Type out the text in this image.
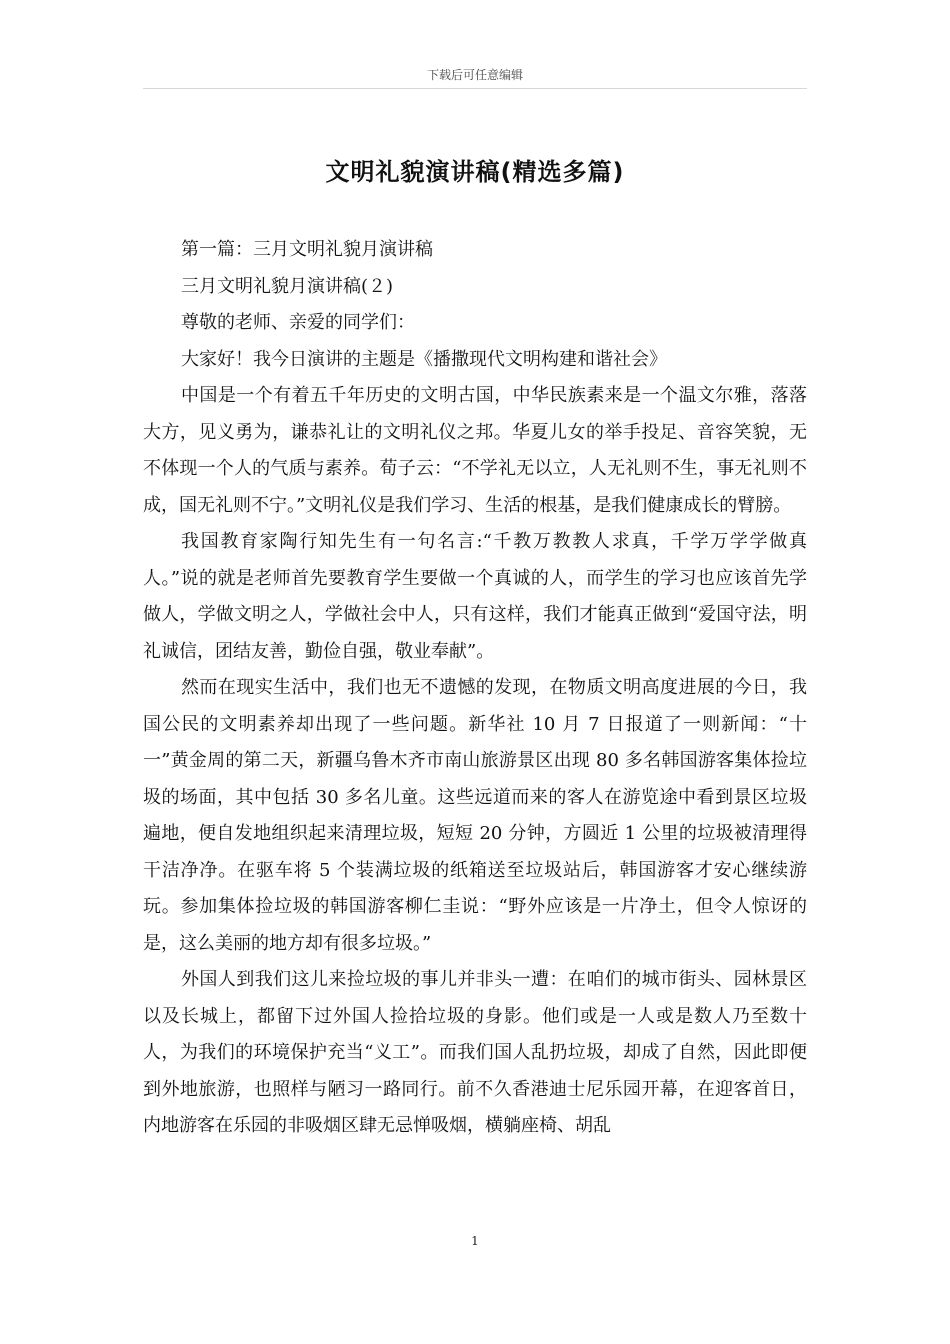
下载后可任意编辑
文明礼貌演讲稿(精选多篇)
第一篇：三月文明礼貌月演讲稿
三月文明礼貌月演讲稿(２)
尊敬的老师、亲爱的同学们：
大家好！我今日演讲的主题是《播撒现代文明构建和谐社会》

中国是一个有着五千年历史的文明古国，中华民族素来是一个温文尔雅，落落大方，见义勇为，谦恭礼让的文明礼仪之邦。华夏儿女的举手投足、音容笑貌，无不体现一个人的气质与素养。荀子云：“不学礼无以立，人无礼则不生，事无礼则不成，国无礼则不宁。”文明礼仪是我们学习、生活的根基，是我们健康成长的臂膀。

我国教育家陶行知先生有一句名言:“千教万教教人求真，千学万学学做真人。”说的就是老师首先要教育学生要做一个真诚的人，而学生的学习也应该首先学做人，学做文明之人，学做社会中人，只有这样，我们才能真正做到“爱国守法，明礼诚信，团结友善，勤俭自强，敬业奉献”。

然而在现实生活中，我们也无不遗憾的发现，在物质文明高度进展的今日，我国公民的文明素养却出现了一些问题。新华社 10 月 7 日报道了一则新闻：“十一”黄金周的第二天，新疆乌鲁木齐市南山旅游景区出现 80 多名韩国游客集体捡垃圾的场面，其中包括 30 多名儿童。这些远道而来的客人在游览途中看到景区垃圾遍地，便自发地组织起来清理垃圾，短短 20 分钟，方圆近 1 公里的垃圾被清理得干洁净净。在驱车将 5 个装满垃圾的纸箱送至垃圾站后，韩国游客才安心继续游玩。参加集体捡垃圾的韩国游客柳仁圭说：“野外应该是一片净土，但令人惊讶的是，这么美丽的地方却有很多垃圾。”

外国人到我们这儿来捡垃圾的事儿并非头一遭：在咱们的城市街头、园林景区以及长城上，都留下过外国人捡拾垃圾的身影。他们或是一人或是数人乃至数十人，为我们的环境保护充当“义工”。而我们国人乱扔垃圾，却成了自然，因此即便到外地旅游，也照样与陋习一路同行。前不久香港迪士尼乐园开幕，在迎客首日，内地游客在乐园的非吸烟区肆无忌惮吸烟，横躺座椅、胡乱

1
